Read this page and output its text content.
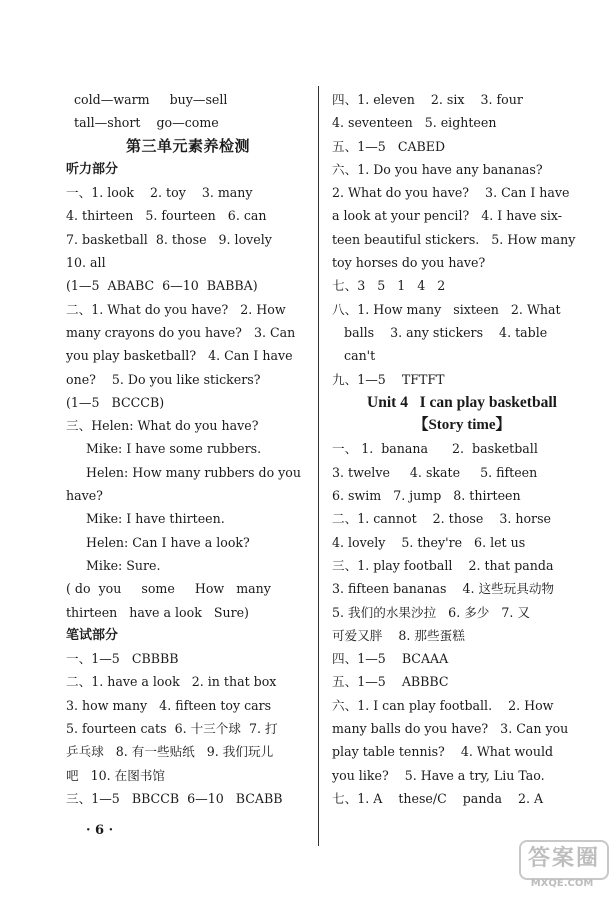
cold—warm     buy—sell
tall—short    go—come
第三单元素养检测
听力部分
一、1. look    2. toy    3. many
4. thirteen   5. fourteen   6. can
7. basketball  8. those   9. lovely
10. all
(1—5  ABABC  6—10  BABBA)
二、1. What do you have?   2. How
many crayons do you have?   3. Can
you play basketball?   4. Can I have
one?    5. Do you like stickers?
(1—5   BCCCB)
三、Helen: What do you have?
Mike: I have some rubbers.
Helen: How many rubbers do you
have?
Mike: I have thirteen.
Helen: Can I have a look?
Mike: Sure.
( do  you     some     How   many
thirteen   have a look   Sure)
笔试部分
一、1—5   CBBBB
二、1. have a look   2. in that box
3. how many   4. fifteen toy cars
5. fourteen cats  6. 十三个球  7. 打
乒乓球   8. 有一些贴纸   9. 我们玩儿
吧   10. 在图书馆
三、1—5   BBCCB  6—10   BCABB
四、1. eleven    2. six    3. four
4. seventeen   5. eighteen
五、1—5   CABED
六、1. Do you have any bananas?
2. What do you have?    3. Can I have
a look at your pencil?   4. I have six-
teen beautiful stickers.   5. How many
toy horses do you have?
七、3   5   1   4   2
八、1. How many   sixteen   2. What
balls    3. any stickers    4. table
can't
九、1—5    TFTFT
Unit 4   I can play basketball
【Story time】
一、 1.  banana      2.  basketball
3. twelve     4. skate     5. fifteen
6. swim   7. jump   8. thirteen
二、1. cannot    2. those    3. horse
4. lovely    5. they're   6. let us
三、1. play football    2. that panda
3. fifteen bananas    4. 这些玩具动物
5. 我们的水果沙拉   6. 多少   7. 又
可爱又胖    8. 那些蛋糕
四、1—5    BCAAA
五、1—5    ABBBC
六、1. I can play football.    2. How
many balls do you have?   3. Can you
play table tennis?    4. What would
you like?    5. Have a try, Liu Tao.
七、1. A    these/C    panda    2. A
· 6 ·
答案圈
MXQE.COM
